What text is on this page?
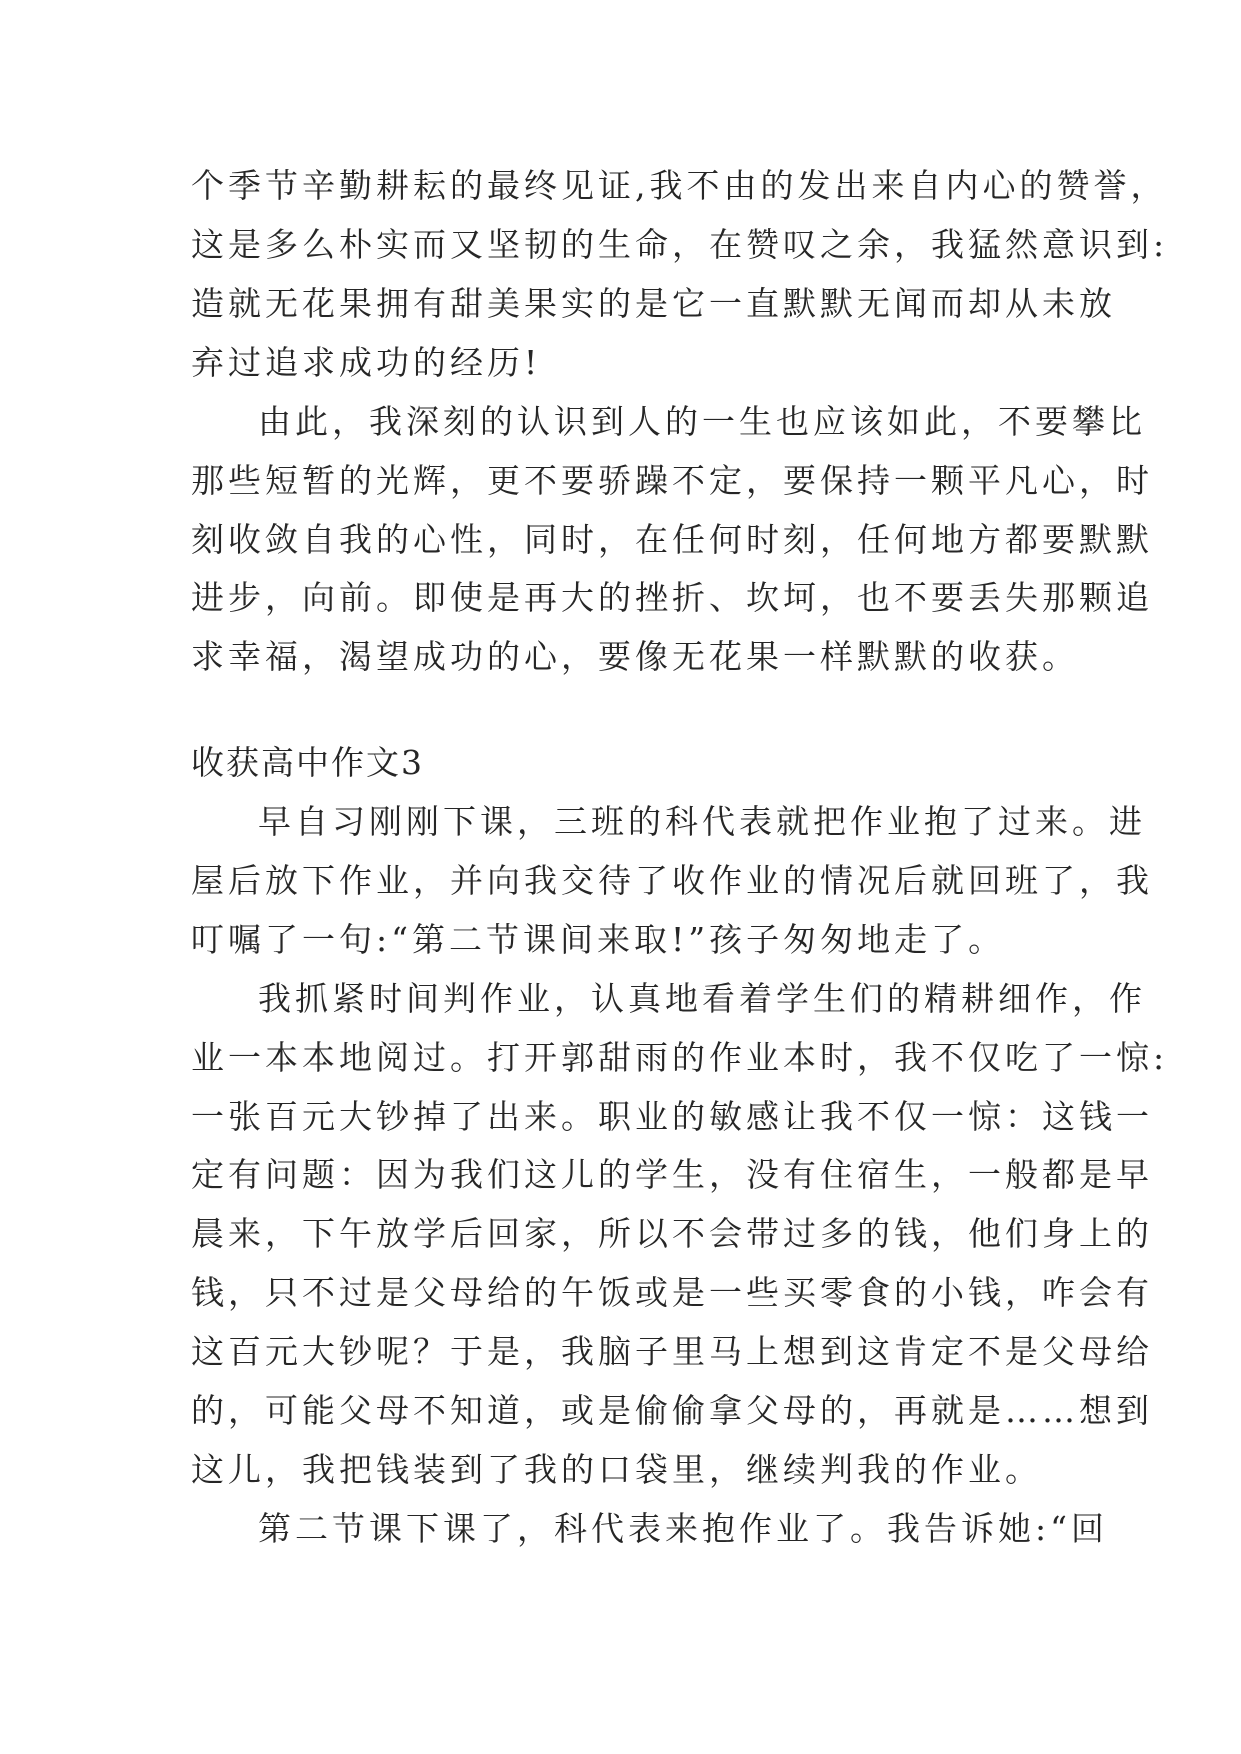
个季节辛勤耕耘的最终见证,我不由的发出来自内心的赞誉，
这是多么朴实而又坚韧的生命，在赞叹之余，我猛然意识到:
造就无花果拥有甜美果实的是它一直默默无闻而却从未放
弃过追求成功的经历!
由此，我深刻的认识到人的一生也应该如此，不要攀比
那些短暂的光辉，更不要骄躁不定，要保持一颗平凡心，时
刻收敛自我的心性，同时，在任何时刻，任何地方都要默默
进步，向前。即使是再大的挫折、坎坷，也不要丢失那颗追
求幸福，渴望成功的心，要像无花果一样默默的收获。
收获高中作文3
早自习刚刚下课，三班的科代表就把作业抱了过来。进
屋后放下作业，并向我交待了收作业的情况后就回班了，我
叮嘱了一句:“第二节课间来取!”孩子匆匆地走了。
我抓紧时间判作业，认真地看着学生们的精耕细作，作
业一本本地阅过。打开郭甜雨的作业本时，我不仅吃了一惊:
一张百元大钞掉了出来。职业的敏感让我不仅一惊：这钱一
定有问题：因为我们这儿的学生，没有住宿生，一般都是早
晨来，下午放学后回家，所以不会带过多的钱，他们身上的
钱，只不过是父母给的午饭或是一些买零食的小钱，咋会有
这百元大钞呢？于是，我脑子里马上想到这肯定不是父母给
的，可能父母不知道，或是偷偷拿父母的，再就是……想到
这儿，我把钱装到了我的口袋里，继续判我的作业。
第二节课下课了，科代表来抱作业了。我告诉她:“回
